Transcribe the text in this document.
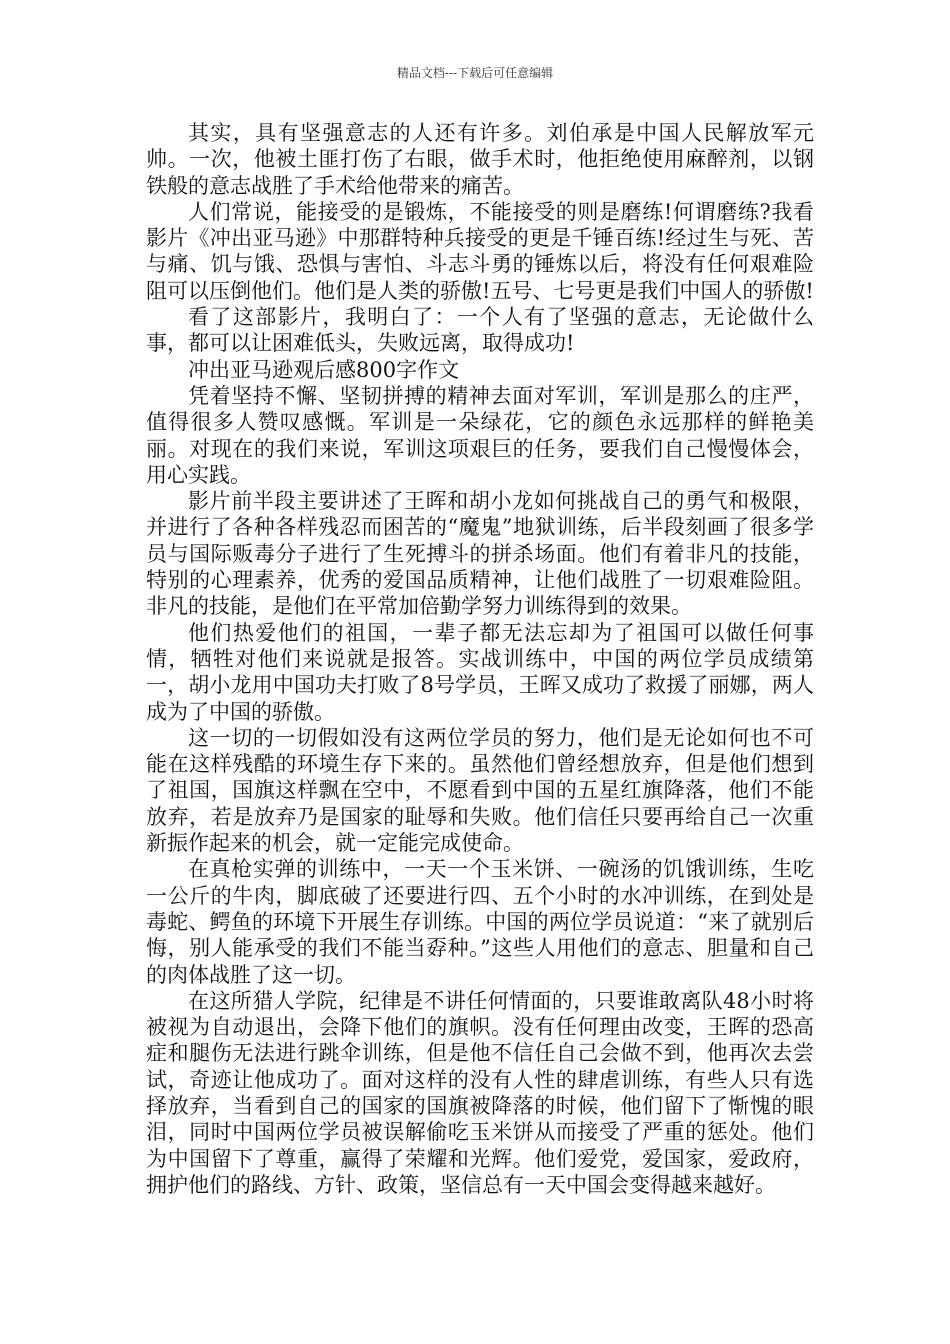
精品文档---下载后可任意编辑

其实，具有坚强意志的人还有许多。刘伯承是中国人民解放军元帅。一次，他被土匪打伤了右眼，做手术时，他拒绝使用麻醉剂，以钢铁般的意志战胜了手术给他带来的痛苦。

人们常说，能接受的是锻炼，不能接受的则是磨练!何谓磨练?我看影片《冲出亚马逊》中那群特种兵接受的更是千锤百练!经过生与死、苦与痛、饥与饿、恐惧与害怕、斗志斗勇的锤炼以后，将没有任何艰难险阻可以压倒他们。他们是人类的骄傲!五号、七号更是我们中国人的骄傲!

看了这部影片，我明白了：一个人有了坚强的意志，无论做什么事，都可以让困难低头，失败远离，取得成功!

冲出亚马逊观后感800字作文

凭着坚持不懈、坚韧拼搏的精神去面对军训，军训是那么的庄严，值得很多人赞叹感慨。军训是一朵绿花，它的颜色永远那样的鲜艳美丽。对现在的我们来说，军训这项艰巨的任务，要我们自己慢慢体会，用心实践。

影片前半段主要讲述了王晖和胡小龙如何挑战自己的勇气和极限，并进行了各种各样残忍而困苦的“魔鬼”地狱训练，后半段刻画了很多学员与国际贩毒分子进行了生死搏斗的拼杀场面。他们有着非凡的技能，特别的心理素养，优秀的爱国品质精神，让他们战胜了一切艰难险阻。非凡的技能，是他们在平常加倍勤学努力训练得到的效果。

他们热爱他们的祖国，一辈子都无法忘却为了祖国可以做任何事情，牺牲对他们来说就是报答。实战训练中，中国的两位学员成绩第一，胡小龙用中国功夫打败了8号学员，王晖又成功了救援了丽娜，两人成为了中国的骄傲。

这一切的一切假如没有这两位学员的努力，他们是无论如何也不可能在这样残酷的环境生存下来的。虽然他们曾经想放弃，但是他们想到了祖国，国旗这样飘在空中，不愿看到中国的五星红旗降落，他们不能放弃，若是放弃乃是国家的耻辱和失败。他们信任只要再给自己一次重新振作起来的机会，就一定能完成使命。

在真枪实弹的训练中，一天一个玉米饼、一碗汤的饥饿训练，生吃一公斤的牛肉，脚底破了还要进行四、五个小时的水冲训练，在到处是毒蛇、鳄鱼的环境下开展生存训练。中国的两位学员说道：“来了就别后悔，别人能承受的我们不能当孬种。”这些人用他们的意志、胆量和自己的肉体战胜了这一切。

在这所猎人学院，纪律是不讲任何情面的，只要谁敢离队48小时将被视为自动退出，会降下他们的旗帜。没有任何理由改变，王晖的恐高症和腿伤无法进行跳伞训练，但是他不信任自己会做不到，他再次去尝试，奇迹让他成功了。面对这样的没有人性的肆虐训练，有些人只有选择放弃，当看到自己的国家的国旗被降落的时候，他们留下了惭愧的眼泪，同时中国两位学员被误解偷吃玉米饼从而接受了严重的惩处。他们为中国留下了尊重，赢得了荣耀和光辉。他们爱党，爱国家，爱政府，拥护他们的路线、方针、政策，坚信总有一天中国会变得越来越好。
